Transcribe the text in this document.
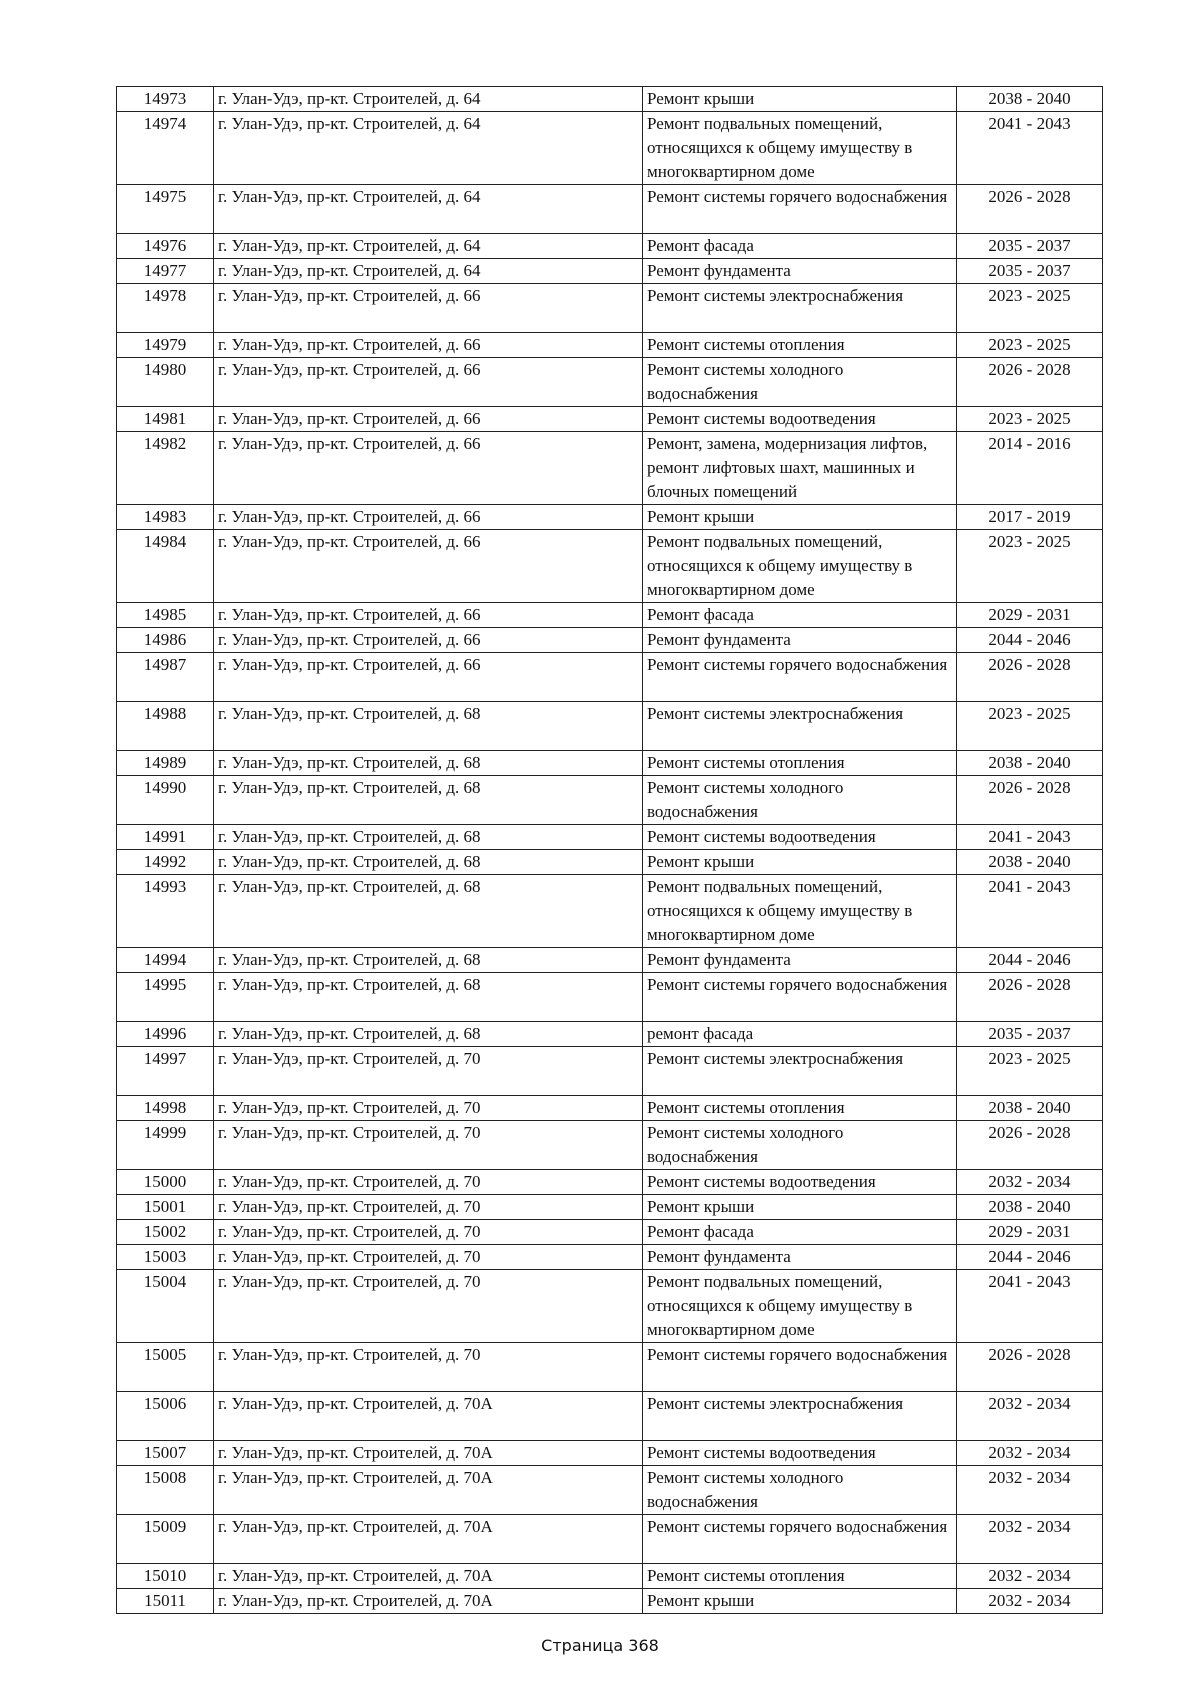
14973	г. Улан-Удэ, пр-кт. Строителей, д. 64	Ремонт крыши	2038 - 2040
14974	г. Улан-Удэ, пр-кт. Строителей, д. 64	Ремонт подвальных помещений, относящихся к общему имуществу в многоквартирном доме	2041 - 2043
14975	г. Улан-Удэ, пр-кт. Строителей, д. 64	Ремонт системы горячего водоснабжения	2026 - 2028
14976	г. Улан-Удэ, пр-кт. Строителей, д. 64	Ремонт фасада	2035 - 2037
14977	г. Улан-Удэ, пр-кт. Строителей, д. 64	Ремонт фундамента	2035 - 2037
14978	г. Улан-Удэ, пр-кт. Строителей, д. 66	Ремонт системы электроснабжения	2023 - 2025
14979	г. Улан-Удэ, пр-кт. Строителей, д. 66	Ремонт системы отопления	2023 - 2025
14980	г. Улан-Удэ, пр-кт. Строителей, д. 66	Ремонт системы холодного водоснабжения	2026 - 2028
14981	г. Улан-Удэ, пр-кт. Строителей, д. 66	Ремонт системы водоотведения	2023 - 2025
14982	г. Улан-Удэ, пр-кт. Строителей, д. 66	Ремонт, замена, модернизация лифтов, ремонт лифтовых шахт, машинных и блочных помещений	2014 - 2016
14983	г. Улан-Удэ, пр-кт. Строителей, д. 66	Ремонт крыши	2017 - 2019
14984	г. Улан-Удэ, пр-кт. Строителей, д. 66	Ремонт подвальных помещений, относящихся к общему имуществу в многоквартирном доме	2023 - 2025
14985	г. Улан-Удэ, пр-кт. Строителей, д. 66	Ремонт фасада	2029 - 2031
14986	г. Улан-Удэ, пр-кт. Строителей, д. 66	Ремонт фундамента	2044 - 2046
14987	г. Улан-Удэ, пр-кт. Строителей, д. 66	Ремонт системы горячего водоснабжения	2026 - 2028
14988	г. Улан-Удэ, пр-кт. Строителей, д. 68	Ремонт системы электроснабжения	2023 - 2025
14989	г. Улан-Удэ, пр-кт. Строителей, д. 68	Ремонт системы отопления	2038 - 2040
14990	г. Улан-Удэ, пр-кт. Строителей, д. 68	Ремонт системы холодного водоснабжения	2026 - 2028
14991	г. Улан-Удэ, пр-кт. Строителей, д. 68	Ремонт системы водоотведения	2041 - 2043
14992	г. Улан-Удэ, пр-кт. Строителей, д. 68	Ремонт крыши	2038 - 2040
14993	г. Улан-Удэ, пр-кт. Строителей, д. 68	Ремонт подвальных помещений, относящихся к общему имуществу в многоквартирном доме	2041 - 2043
14994	г. Улан-Удэ, пр-кт. Строителей, д. 68	Ремонт фундамента	2044 - 2046
14995	г. Улан-Удэ, пр-кт. Строителей, д. 68	Ремонт системы горячего водоснабжения	2026 - 2028
14996	г. Улан-Удэ, пр-кт. Строителей, д. 68	ремонт фасада	2035 - 2037
14997	г. Улан-Удэ, пр-кт. Строителей, д. 70	Ремонт системы электроснабжения	2023 - 2025
14998	г. Улан-Удэ, пр-кт. Строителей, д. 70	Ремонт системы отопления	2038 - 2040
14999	г. Улан-Удэ, пр-кт. Строителей, д. 70	Ремонт системы холодного водоснабжения	2026 - 2028
15000	г. Улан-Удэ, пр-кт. Строителей, д. 70	Ремонт системы водоотведения	2032 - 2034
15001	г. Улан-Удэ, пр-кт. Строителей, д. 70	Ремонт крыши	2038 - 2040
15002	г. Улан-Удэ, пр-кт. Строителей, д. 70	Ремонт фасада	2029 - 2031
15003	г. Улан-Удэ, пр-кт. Строителей, д. 70	Ремонт фундамента	2044 - 2046
15004	г. Улан-Удэ, пр-кт. Строителей, д. 70	Ремонт подвальных помещений, относящихся к общему имуществу в многоквартирном доме	2041 - 2043
15005	г. Улан-Удэ, пр-кт. Строителей, д. 70	Ремонт системы горячего водоснабжения	2026 - 2028
15006	г. Улан-Удэ, пр-кт. Строителей, д. 70А	Ремонт системы электроснабжения	2032 - 2034
15007	г. Улан-Удэ, пр-кт. Строителей, д. 70А	Ремонт системы водоотведения	2032 - 2034
15008	г. Улан-Удэ, пр-кт. Строителей, д. 70А	Ремонт системы холодного водоснабжения	2032 - 2034
15009	г. Улан-Удэ, пр-кт. Строителей, д. 70А	Ремонт системы горячего водоснабжения	2032 - 2034
15010	г. Улан-Удэ, пр-кт. Строителей, д. 70А	Ремонт системы отопления	2032 - 2034
15011	г. Улан-Удэ, пр-кт. Строителей, д. 70А	Ремонт крыши	2032 - 2034
Страница 368
